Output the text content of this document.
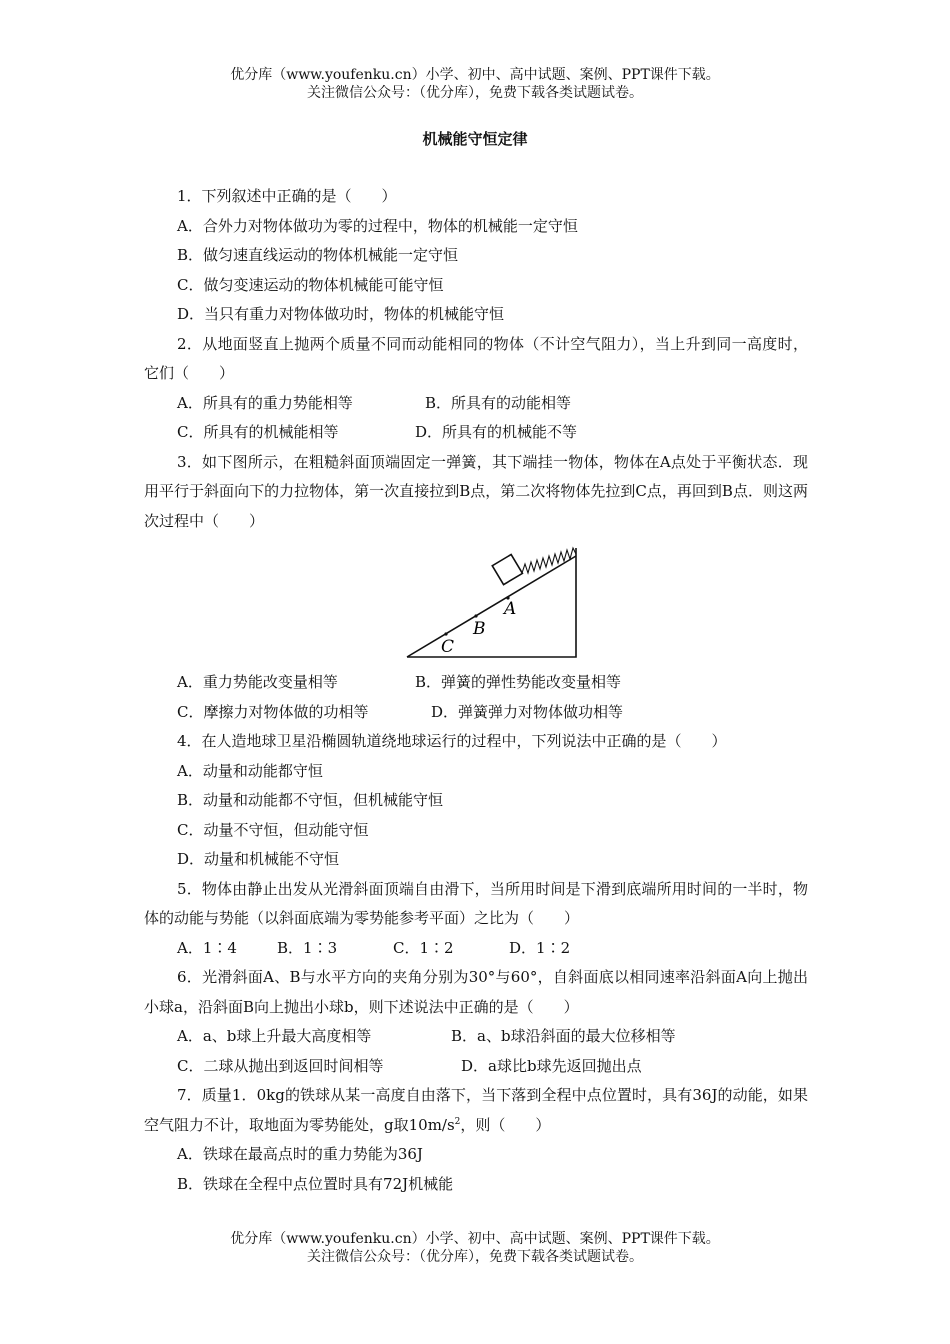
优分库（www.youfenku.cn）小学、初中、高中试题、案例、PPT课件下载。
关注微信公众号：（优分库），免费下载各类试题试卷。
机械能守恒定律

1．下列叙述中正确的是（　　）

A．合外力对物体做功为零的过程中，物体的机械能一定守恒

B．做匀速直线运动的物体机械能一定守恒

C．做匀变速运动的物体机械能可能守恒

D．当只有重力对物体做功时，物体的机械能守恒

2．从地面竖直上抛两个质量不同而动能相同的物体（不计空气阻力），当上升到同一高度时，它们（　　）

A．所具有的重力势能相等	B．所具有的动能相等

C．所具有的机械能相等	D．所具有的机械能不等

3．如下图所示，在粗糙斜面顶端固定一弹簧，其下端挂一物体，物体在A点处于平衡状态．现用平行于斜面向下的力拉物体，第一次直接拉到B点，第二次将物体先拉到C点，再回到B点．则这两次过程中（　　）

A
B
C

A．重力势能改变量相等	B．弹簧的弹性势能改变量相等

C．摩擦力对物体做的功相等	D．弹簧弹力对物体做功相等

4．在人造地球卫星沿椭圆轨道绕地球运行的过程中，下列说法中正确的是（　　）

A．动量和动能都守恒

B．动量和动能都不守恒，但机械能守恒

C．动量不守恒，但动能守恒

D．动量和机械能不守恒

5．物体由静止出发从光滑斜面顶端自由滑下，当所用时间是下滑到底端所用时间的一半时，物体的动能与势能（以斜面底端为零势能参考平面）之比为（　　）

A．1∶4	B．1∶3	C．1∶2	D．1∶2

6．光滑斜面A、B与水平方向的夹角分别为30°与60°，自斜面底以相同速率沿斜面A向上抛出小球a，沿斜面B向上抛出小球b，则下述说法中正确的是（　　）

A．a、b球上升最大高度相等	B．a、b球沿斜面的最大位移相等

C．二球从抛出到返回时间相等	D．a球比b球先返回抛出点

7．质量1．0kg的铁球从某一高度自由落下，当下落到全程中点位置时，具有36J的动能，如果空气阻力不计，取地面为零势能处，g取$10m/s^2$，则（　　）

A．铁球在最高点时的重力势能为36J

B．铁球在全程中点位置时具有72J机械能

优分库（www.youfenku.cn）小学、初中、高中试题、案例、PPT课件下载。
关注微信公众号：（优分库），免费下载各类试题试卷。
